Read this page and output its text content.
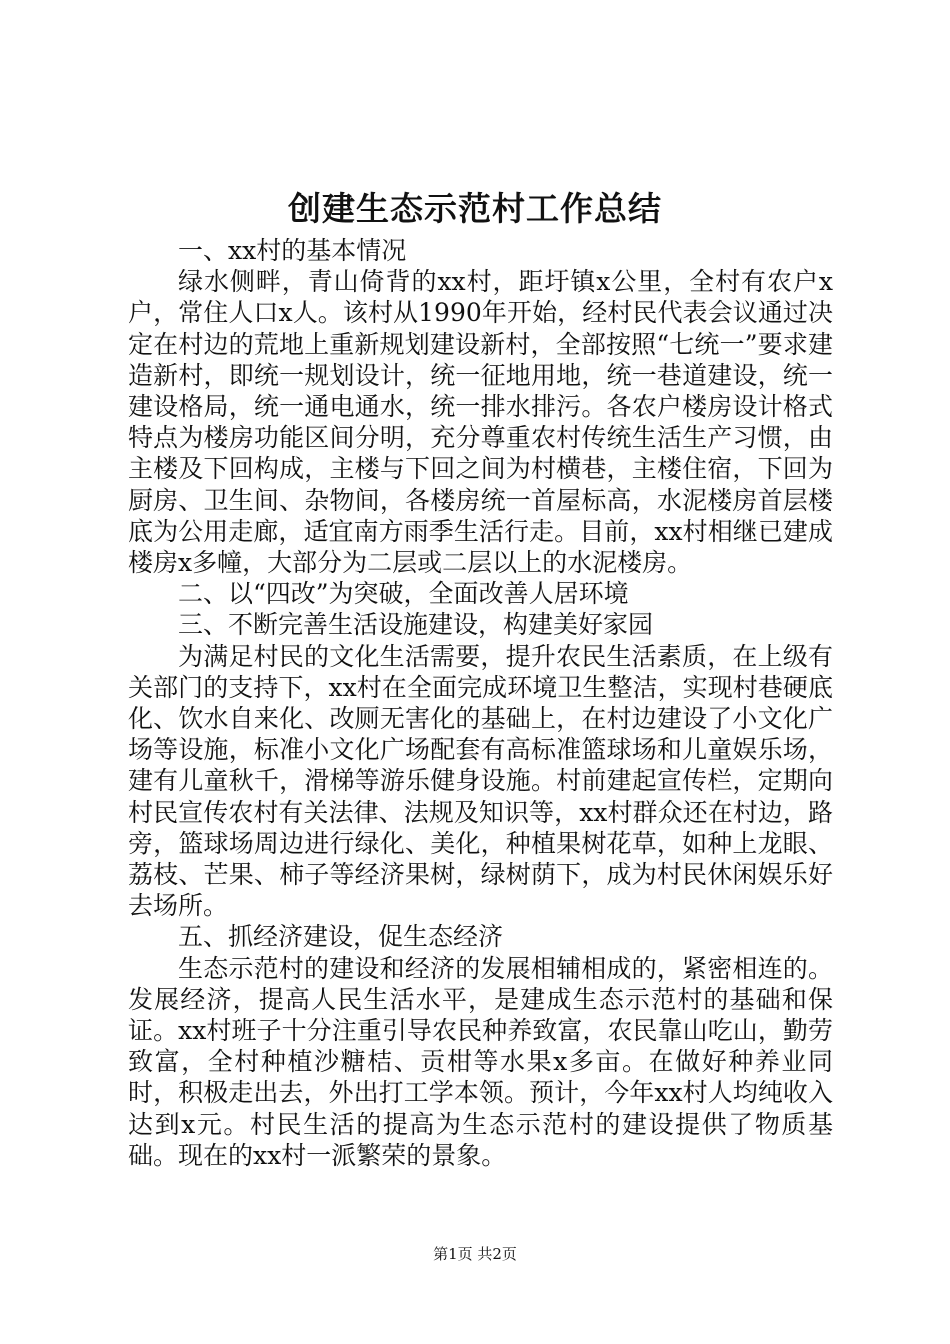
创建生态示范村工作总结

一、xx村的基本情况

绿水侧畔，青山倚背的xx村，距圩镇x公里，全村有农户x户，常住人口x人。该村从1990年开始，经村民代表会议通过决定在村边的荒地上重新规划建设新村，全部按照“七统一”要求建造新村，即统一规划设计，统一征地用地，统一巷道建设，统一建设格局，统一通电通水，统一排水排污。各农户楼房设计格式特点为楼房功能区间分明，充分尊重农村传统生活生产习惯，由主楼及下回构成，主楼与下回之间为村横巷，主楼住宿，下回为厨房、卫生间、杂物间，各楼房统一首屋标高，水泥楼房首层楼底为公用走廊，适宜南方雨季生活行走。目前，xx村相继已建成楼房x多幢，大部分为二层或二层以上的水泥楼房。

二、以“四改”为突破，全面改善人居环境

三、不断完善生活设施建设，构建美好家园

为满足村民的文化生活需要，提升农民生活素质，在上级有关部门的支持下，xx村在全面完成环境卫生整洁，实现村巷硬底化、饮水自来化、改厕无害化的基础上，在村边建设了小文化广场等设施，标准小文化广场配套有高标准篮球场和儿童娱乐场，建有儿童秋千，滑梯等游乐健身设施。村前建起宣传栏，定期向村民宣传农村有关法律、法规及知识等，xx村群众还在村边，路旁，篮球场周边进行绿化、美化，种植果树花草，如种上龙眼、荔枝、芒果、柿子等经济果树，绿树荫下，成为村民休闲娱乐好去场所。

五、抓经济建设，促生态经济

生态示范村的建设和经济的发展相辅相成的，紧密相连的。发展经济，提高人民生活水平，是建成生态示范村的基础和保证。xx村班子十分注重引导农民种养致富，农民靠山吃山，勤劳致富，全村种植沙糖桔、贡柑等水果x多亩。在做好种养业同时，积极走出去，外出打工学本领。预计，今年xx村人均纯收入达到x元。村民生活的提高为生态示范村的建设提供了物质基础。现在的xx村一派繁荣的景象。

第1页 共2页
